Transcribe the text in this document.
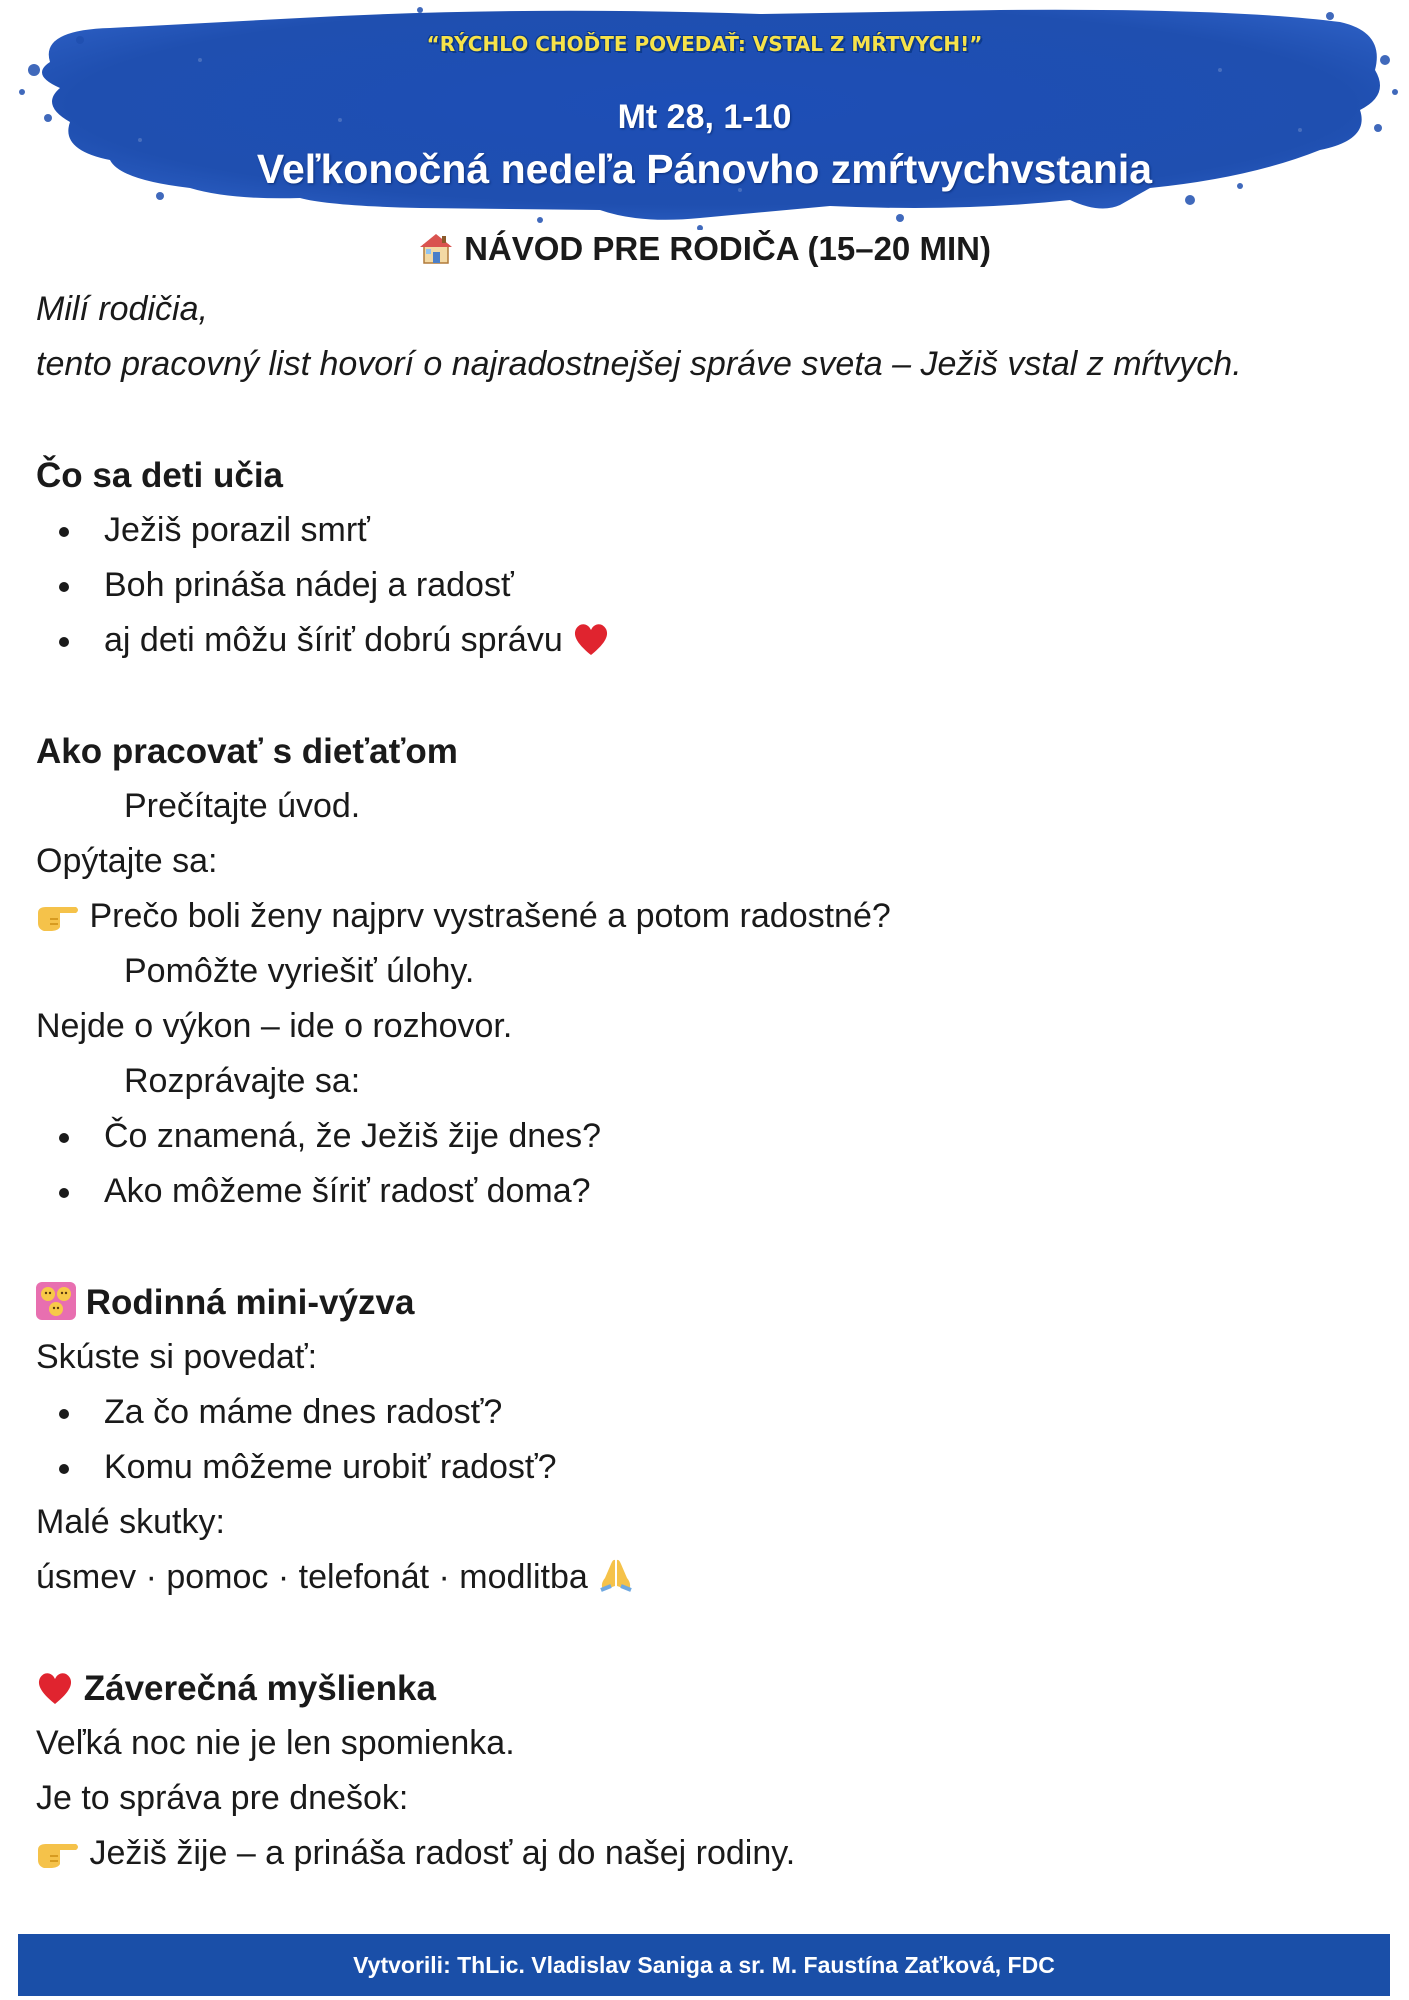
“RÝCHLO CHOĎTE POVEDAŤ: VSTAL Z MŔTVYCH!”
Mt 28, 1-10
Veľkonočná nedeľa Pánovho zmŕtvychvstania
NÁVOD PRE RODIČA (15–20 MIN)
Milí rodičia,
tento pracovný list hovorí o najradostnejšej správe sveta – Ježiš vstal z mŕtvych.
Čo sa deti učia
Ježiš porazil smrť
Boh prináša nádej a radosť
aj deti môžu šíriť dobrú správu
Ako pracovať s dieťaťom
Prečítajte úvod.
Opýtajte sa:
Prečo boli ženy najprv vystrašené a potom radostné?
Pomôžte vyriešiť úlohy.
Nejde o výkon – ide o rozhovor.
Rozprávajte sa:
Čo znamená, že Ježiš žije dnes?
Ako môžeme šíriť radosť doma?
Rodinná mini-výzva
Skúste si povedať:
Za čo máme dnes radosť?
Komu môžeme urobiť radosť?
Malé skutky:
úsmev · pomoc · telefonát · modlitba
Záverečná myšlienka
Veľká noc nie je len spomienka.
Je to správa pre dnešok:
Ježiš žije – a prináša radosť aj do našej rodiny.
Vytvorili: ThLic. Vladislav Saniga a sr. M. Faustína Zaťková, FDC
